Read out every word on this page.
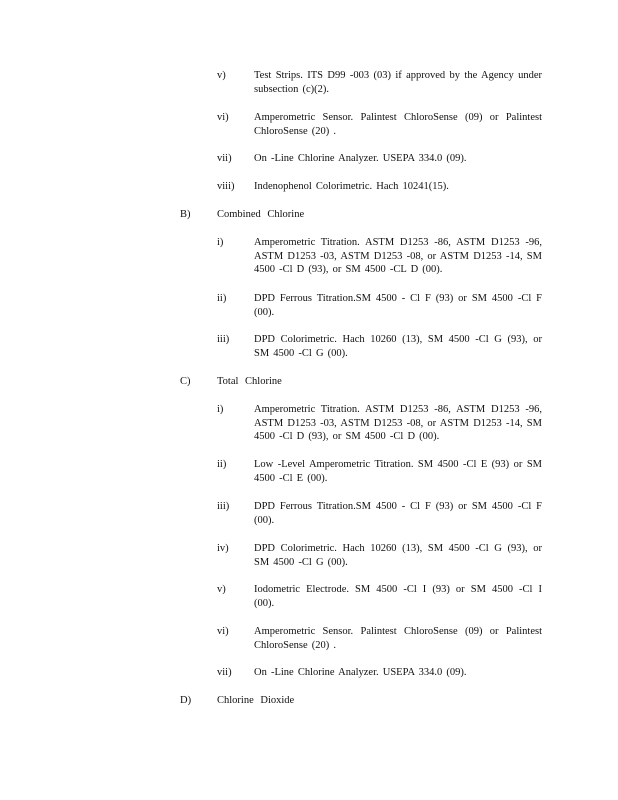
v)	Test Strips. ITS D99 -003 (03) if approved by the Agency under subsection (c)(2).
vi)	Amperometric Sensor. Palintest ChloroSense (09) or Palintest ChloroSense (20) .
vii)	On -Line Chlorine Analyzer. USEPA 334.0 (09).
viii)	Indenophenol Colorimetric. Hach 10241(15).
B)	Combined Chlorine
i)	Amperometric Titration. ASTM D1253 -86, ASTM D1253 -96, ASTM D1253 -03, ASTM D1253 -08, or ASTM D1253 -14, SM 4500 -Cl D (93), or SM 4500 -CL D (00).
ii)	DPD Ferrous Titration.SM 4500 - Cl F (93) or SM 4500 -Cl F (00).
iii)	DPD Colorimetric. Hach 10260 (13), SM 4500 -Cl G (93), or SM 4500 -Cl G (00).
C)	Total Chlorine
i)	Amperometric Titration. ASTM D1253 -86, ASTM D1253 -96, ASTM D1253 -03, ASTM D1253 -08, or ASTM D1253 -14, SM 4500 -Cl D (93), or SM 4500 -Cl D (00).
ii)	Low -Level Amperometric Titration. SM 4500 -Cl E (93) or SM 4500 -Cl E (00).
iii)	DPD Ferrous Titration.SM 4500 - Cl F (93) or SM 4500 -Cl F (00).
iv)	DPD Colorimetric. Hach 10260 (13), SM 4500 -Cl G (93), or SM 4500 -Cl G (00).
v)	Iodometric Electrode. SM 4500 -Cl I (93) or SM 4500 -Cl I (00).
vi)	Amperometric Sensor. Palintest ChloroSense (09) or Palintest ChloroSense (20) .
vii)	On -Line Chlorine Analyzer. USEPA 334.0 (09).
D) Chlorine Dioxide
